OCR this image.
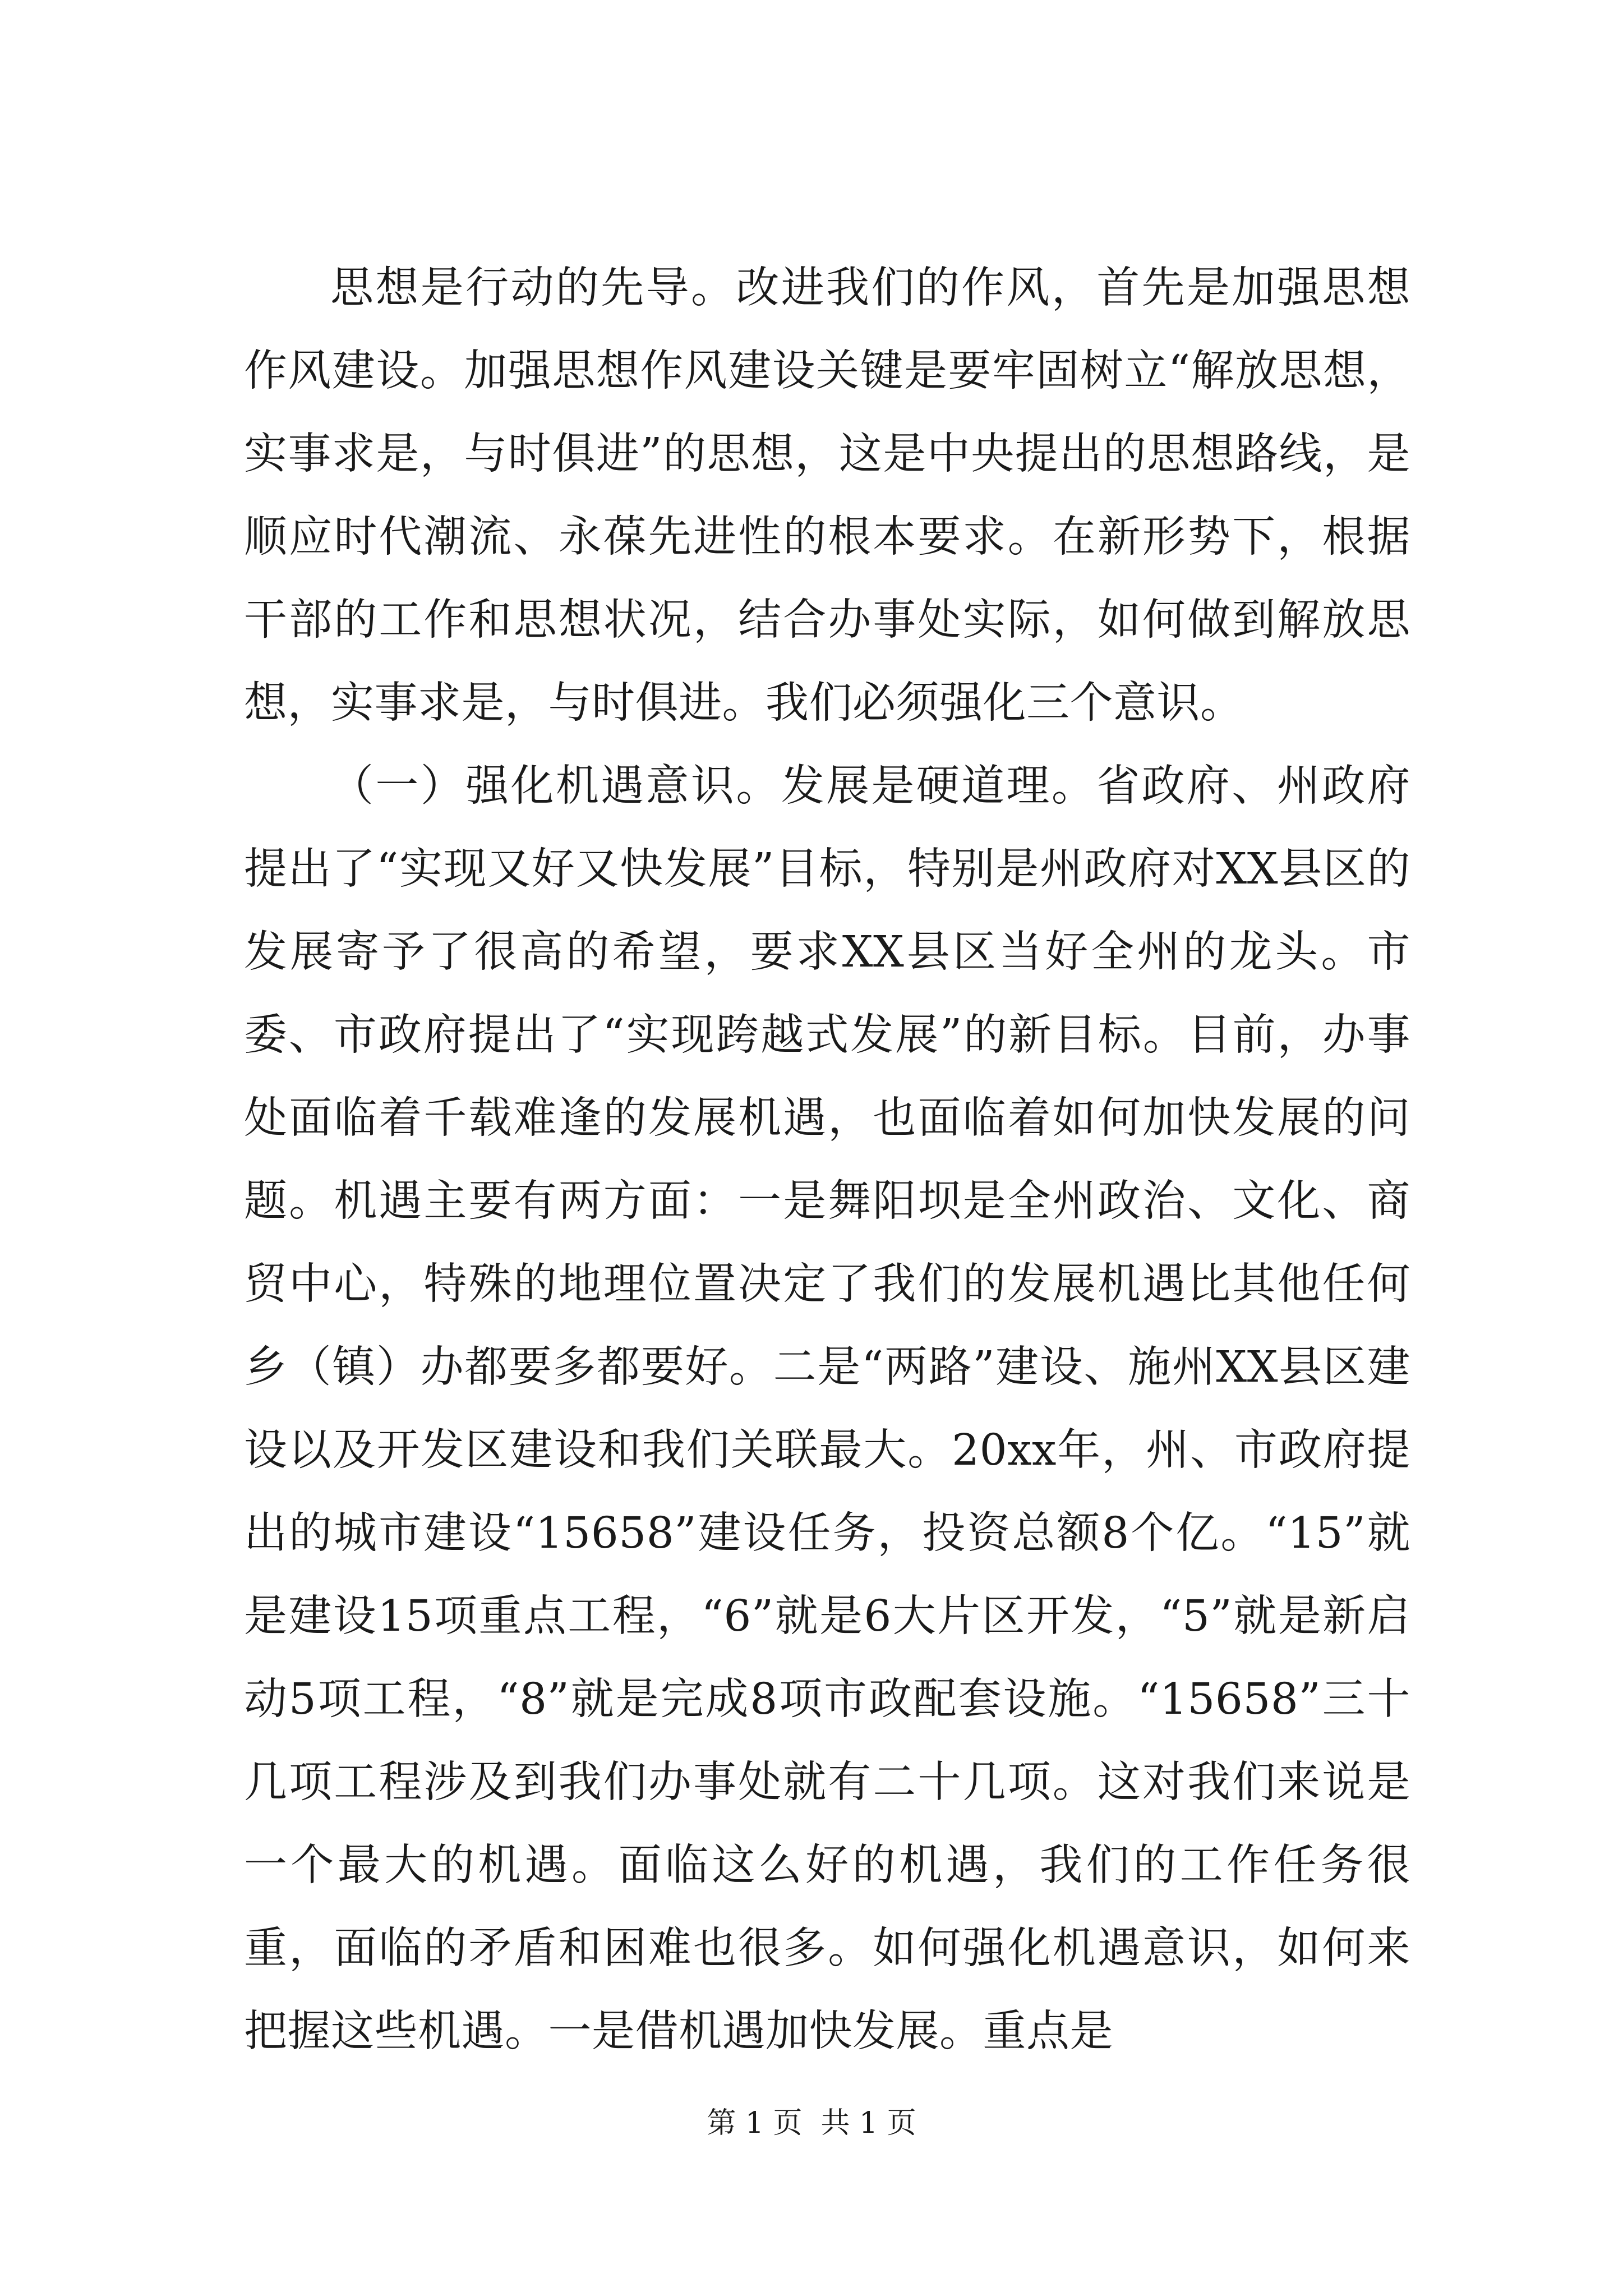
思想是行动的先导。改进我们的作风，首先是加强思想作风建设。加强思想作风建设关键是要牢固树立“解放思想，实事求是，与时俱进”的思想，这是中央提出的思想路线，是顺应时代潮流、永葆先进性的根本要求。在新形势下，根据干部的工作和思想状况，结合办事处实际，如何做到解放思想，实事求是，与时俱进。我们必须强化三个意识。

（一）强化机遇意识。发展是硬道理。省政府、州政府提出了“实现又好又快发展”目标，特别是州政府对XX县区的发展寄予了很高的希望，要求XX县区当好全州的龙头。市委、市政府提出了“实现跨越式发展”的新目标。目前，办事处面临着千载难逢的发展机遇，也面临着如何加快发展的问题。机遇主要有两方面：一是舞阳坝是全州政治、文化、商贸中心，特殊的地理位置决定了我们的发展机遇比其他任何乡（镇）办都要多都要好。二是“两路”建设、施州XX县区建设以及开发区建设和我们关联最大。20xx年，州、市政府提出的城市建设“15658”建设任务，投资总额8个亿。“15”就是建设15项重点工程，“6”就是6大片区开发，“5”就是新启动5项工程，“8”就是完成8项市政配套设施。“15658”三十几项工程涉及到我们办事处就有二十几项。这对我们来说是一个最大的机遇。面临这么好的机遇，我们的工作任务很重，面临的矛盾和困难也很多。如何强化机遇意识，如何来把握这些机遇。一是借机遇加快发展。重点是

第 1 页  共 1 页
